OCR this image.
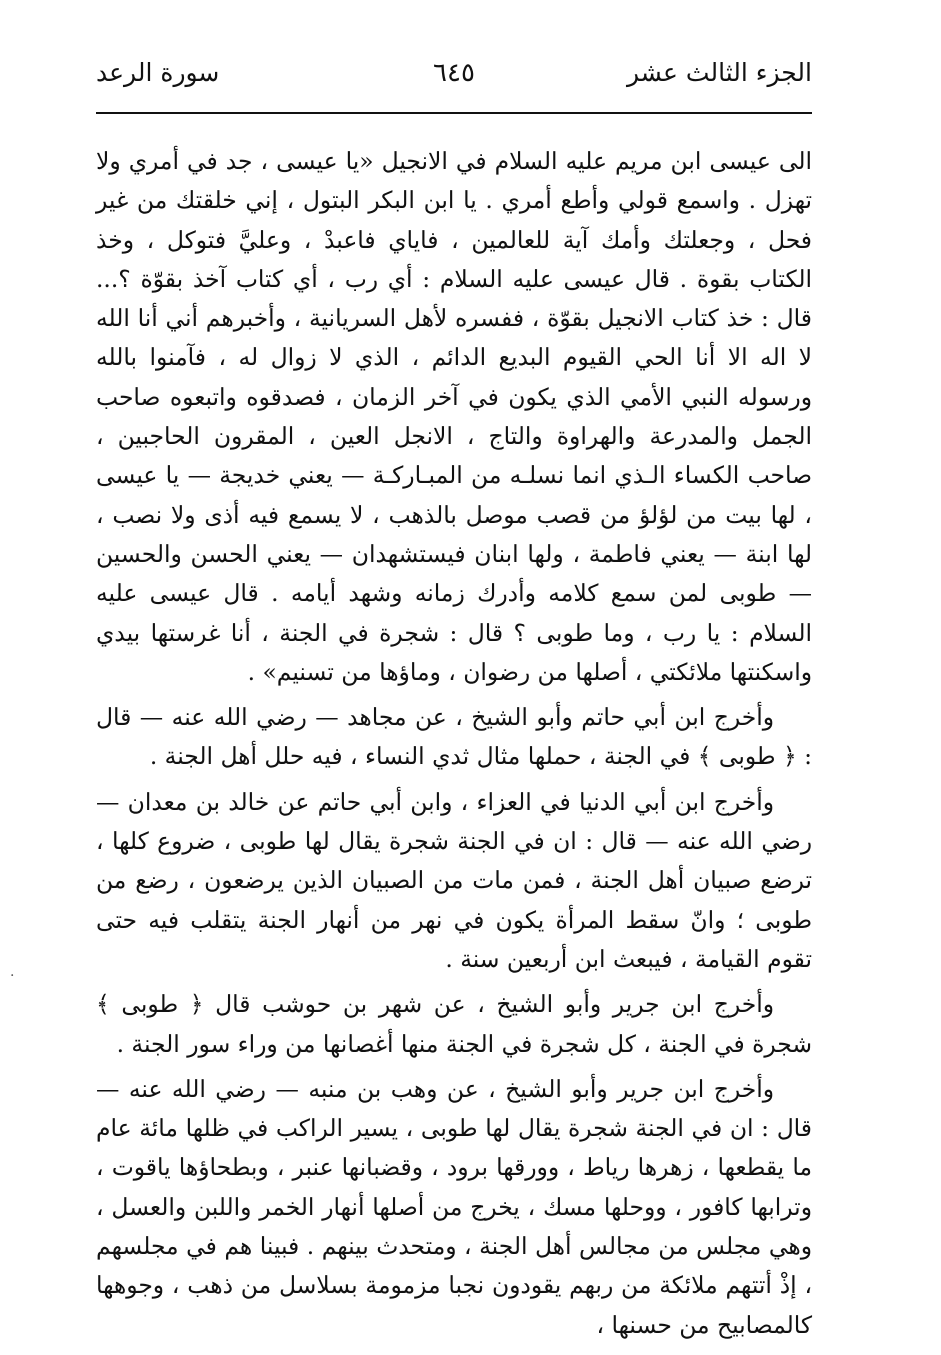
الجزء الثالث عشر
٦٤٥
سورة الرعد

الى عيسى ابن مريم عليه السلام في الانجيل «يا عيسى ، جد في أمري ولا تهزل . واسمع قولي وأطع أمري . يا ابن البكر البتول ، إني خلقتك من غير فحل ، وجعلتك وأمك آية للعالمين ، فاياي فاعبدْ ، وعليَّ فتوكل ، وخذ الكتاب بقوة . قال عيسى عليه السلام : أي رب ، أي كتاب آخذ بقوّة ؟... قال : خذ كتاب الانجيل بقوّة ، ففسره لأهل السريانية ، وأخبرهم أني أنا الله لا اله الا أنا الحي القيوم البديع الدائم ، الذي لا زوال له ، فآمنوا بالله ورسوله النبي الأمي الذي يكون في آخر الزمان ، فصدقوه واتبعوه صاحب الجمل والمدرعة والهراوة والتاج ، الانجل العين ، المقرون الحاجبين ، صاحب الكساء الـذي انما نسلـه من المبـاركـة — يعني خديجة — يا عيسى ، لها بيت من لؤلؤ من قصب موصل بالذهب ، لا يسمع فيه أذى ولا نصب ، لها ابنة — يعني فاطمة ، ولها ابنان فيستشهدان — يعني الحسن والحسين — طوبى لمن سمع كلامه وأدرك زمانه وشهد أيامه . قال عيسى عليه السلام : يا رب ، وما طوبى ؟ قال : شجرة في الجنة ، أنا غرستها بيدي واسكنتها ملائكتي ، أصلها من رضوان ، وماؤها من تسنيم» .

وأخرج ابن أبي حاتم وأبو الشيخ ، عن مجاهد — رضي الله عنه — قال : ﴿ طوبى ﴾ في الجنة ، حملها مثال ثدي النساء ، فيه حلل أهل الجنة .

وأخرج ابن أبي الدنيا في العزاء ، وابن أبي حاتم عن خالد بن معدان — رضي الله عنه — قال : ان في الجنة شجرة يقال لها طوبى ، ضروع كلها ، ترضع صبيان أهل الجنة ، فمن مات من الصبيان الذين يرضعون ، رضع من طوبى ؛ وانّ سقط المرأة يكون في نهر من أنهار الجنة يتقلب فيه حتى تقوم القيامة ، فيبعث ابن أربعين سنة .

وأخرج ابن جرير وأبو الشيخ ، عن شهر بن حوشب قال ﴿ طوبى ﴾ شجرة في الجنة ، كل شجرة في الجنة منها أغصانها من وراء سور الجنة .

وأخرج ابن جرير وأبو الشيخ ، عن وهب بن منبه — رضي الله عنه — قال : ان في الجنة شجرة يقال لها طوبى ، يسير الراكب في ظلها مائة عام ما يقطعها ، زهرها رياط ، وورقها برود ، وقضبانها عنبر ، وبطحاؤها ياقوت ، وترابها كافور ، ووحلها مسك ، يخرج من أصلها أنهار الخمر واللبن والعسل ، وهي مجلس من مجالس أهل الجنة ، ومتحدث بينهم . فبينا هم في مجلسهم ، إذْ أتتهم ملائكة من ربهم يقودون نجبا مزمومة بسلاسل من ذهب ، وجوهها كالمصابيح من حسنها ،

·
